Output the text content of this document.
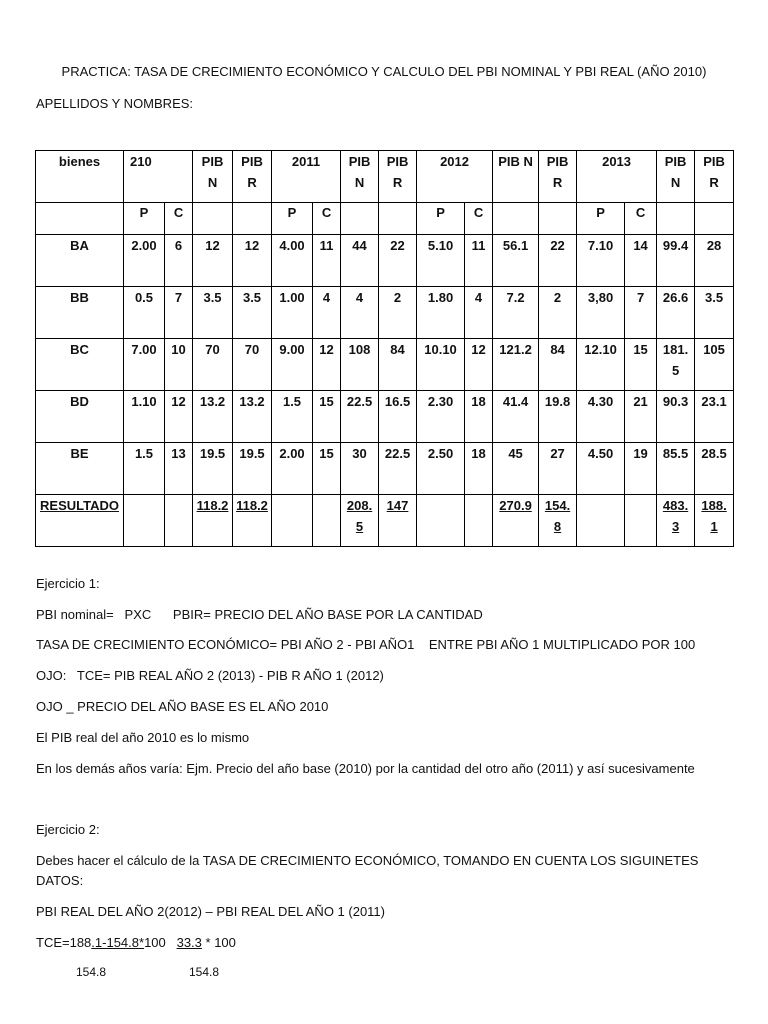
PRACTICA: TASA DE CRECIMIENTO ECONÓMICO Y CALCULO DEL PBI NOMINAL Y PBI REAL (AÑO 2010)
APELLIDOS Y NOMBRES:
bienes	210		PIB N	PIB R	2011		PIB N	PIB R	2012		PIB N	PIB R	2013		PIB N	PIB R
	P	C			P	C			P	C			P	C		
BA	2.00	6	12	12	4.00	11	44	22	5.10	11	56.1	22	7.10	14	99.4	28
BB	0.5	7	3.5	3.5	1.00	4	4	2	1.80	4	7.2	2	3,80	7	26.6	3.5
BC	7.00	10	70	70	9.00	12	108	84	10.10	12	121.2	84	12.10	15	181.5	105
BD	1.10	12	13.2	13.2	1.5	15	22.5	16.5	2.30	18	41.4	19.8	4.30	21	90.3	23.1
BE	1.5	13	19.5	19.5	2.00	15	30	22.5	2.50	18	45	27	4.50	19	85.5	28.5
RESULTADO			118.2	118.2			208.5	147			270.9	154.8			483.3	188.1
Ejercicio 1:
PBI nominal=   PXC      PBIR= PRECIO DEL AÑO BASE POR LA CANTIDAD
TASA DE CRECIMIENTO ECONÓMICO= PBI AÑO 2 - PBI AÑO1    ENTRE PBI AÑO 1 MULTIPLICADO POR 100
OJO:   TCE= PIB REAL AÑO 2 (2013) - PIB R AÑO 1 (2012)
OJO _ PRECIO DEL AÑO BASE ES EL AÑO 2010
El PIB real del año 2010 es lo mismo
En los demás años varía: Ejm. Precio del año base (2010) por la cantidad del otro año (2011) y así sucesivamente
Ejercicio 2:
Debes hacer el cálculo de la TASA DE CRECIMIENTO ECONÓMICO, TOMANDO EN CUENTA LOS SIGUINETES
DATOS:
PBI REAL DEL AÑO 2(2012) – PBI REAL DEL AÑO 1 (2011)
TCE=188.1-154.8*100   33.3 * 100
154.8	154.8
